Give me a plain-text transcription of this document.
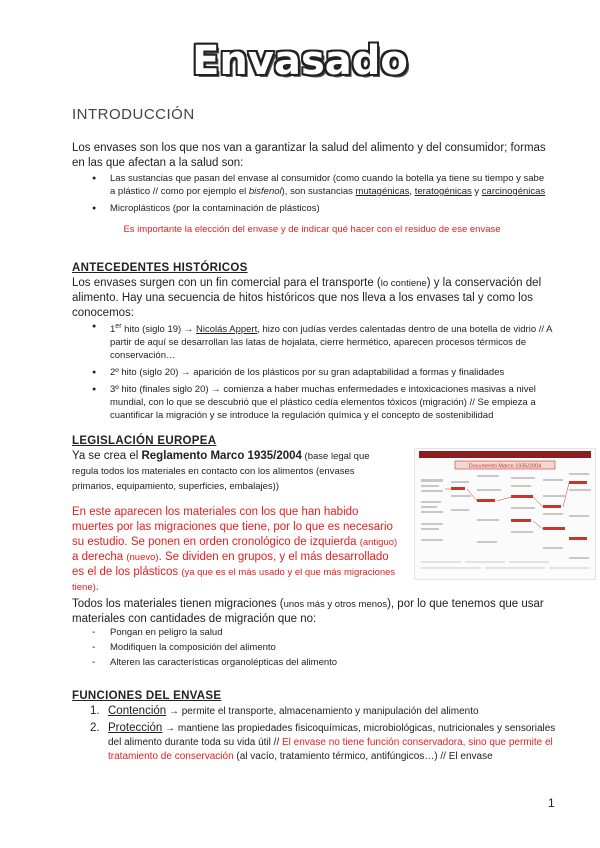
Envasado
INTRODUCCIÓN
Los envases son los que nos van a garantizar la salud del alimento y del consumidor; formas en las que afectan a la salud son:
● Las sustancias que pasan del envase al consumidor (como cuando la botella ya tiene su tiempo y sabe a plástico // como por ejemplo el bisfenol), son sustancias mutagénicas, teratogénicas y carcinogénicas
● Microplásticos (por la contaminación de plásticos)
Es importante la elección del envase y de indicar qué hacer con el residuo de ese envase
ANTECEDENTES HISTÓRICOS
Los envases surgen con un fin comercial para el transporte (lo contiene) y la conservación del alimento. Hay una secuencia de hitos históricos que nos lleva a los envases tal y como los conocemos:
● 1er hito (siglo 19) → Nicolás Appert, hizo con judías verdes calentadas dentro de una botella de vidrio // A partir de aquí se desarrollan las latas de hojalata, cierre hermético, aparecen procesos térmicos de conservación…
● 2º hito (siglo 20) → aparición de los plásticos por su gran adaptabilidad a formas y finalidades
● 3º hito (finales siglo 20) → comienza a haber muchas enfermedades e intoxicaciones masivas a nivel mundial, con lo que se descubrió que el plástico cedía elementos tóxicos (migración) // Se empieza a cuantificar la migración y se introduce la regulación química y el concepto de sostenibilidad
LEGISLACIÓN EUROPEA
Ya se crea el Reglamento Marco 1935/2004 (base legal que regula todos los materiales en contacto con los alimentos (envases primarios, equipamiento, superficies, embalajes))
En este aparecen los materiales con los que han habido muertes por las migraciones que tiene, por lo que es necesario su estudio. Se ponen en orden cronológico de izquierda (antiguo) a derecha (nuevo). Se dividen en grupos, y el más desarrollado es el de los plásticos (ya que es el más usado y el que más migraciones tiene).
Documento Marco 1935/2004
Todos los materiales tienen migraciones (unos más y otros menos), por lo que tenemos que usar materiales con cantidades de migración que no:
- Pongan en peligro la salud
- Modifiquen la composición del alimento
- Alteren las características organolépticas del alimento
FUNCIONES DEL ENVASE
1. Contención → permite el transporte, almacenamiento y manipulación del alimento
2. Protección → mantiene las propiedades fisicoquímicas, microbiológicas, nutricionales y sensoriales del alimento durante toda su vida útil // El envase no tiene función conservadora, sino que permite el tratamiento de conservación (al vacío, tratamiento térmico, antifúngicos…) // El envase
1
